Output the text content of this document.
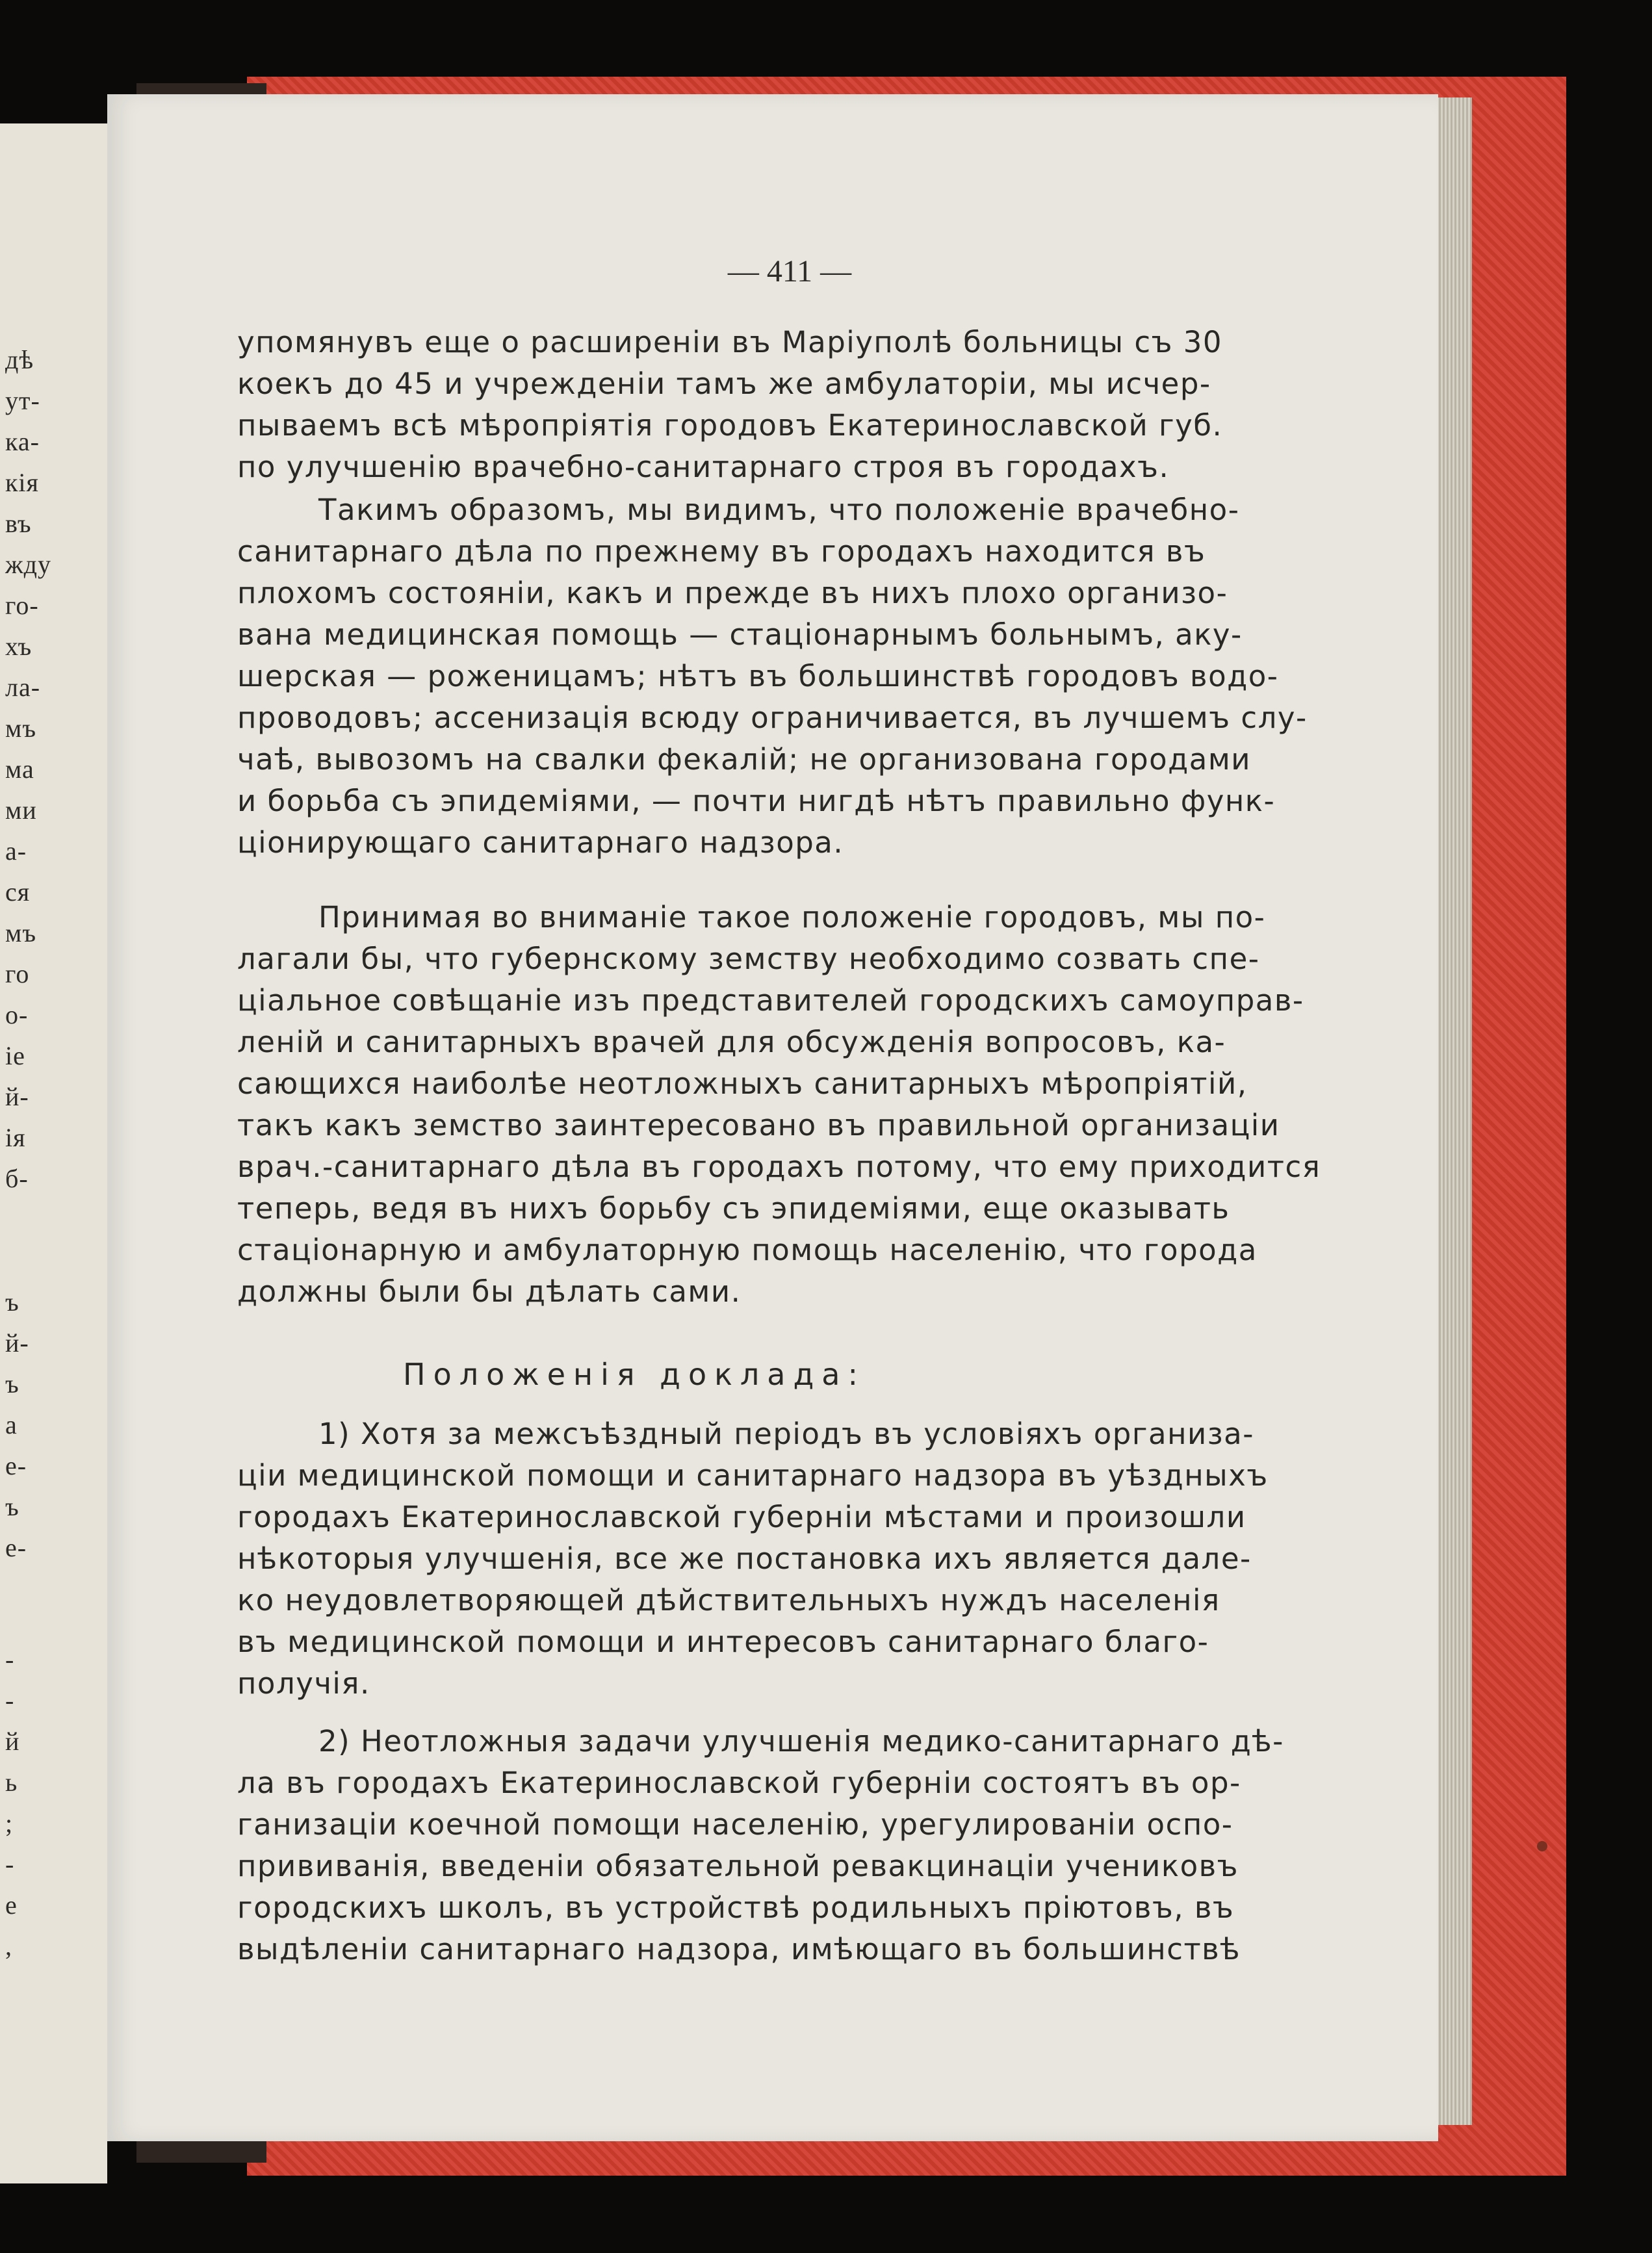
дѣ
ут-
ка-
кія
въ
жду
го-
хъ
ла-
мъ
ма
ми
а-
ся
мъ
го
о-
іе
й-
ія
б-
ъ
й-
ъ
а
е-
ъ
е-
-
-
й
ь
;
-
е
,
— 411 —
упомянувъ еще о расширеніи въ Маріуполѣ больницы съ 30
коекъ до 45 и учрежденіи тамъ же амбулаторіи, мы исчер-
пываемъ всѣ мѣропріятія городовъ Екатеринославской губ.
по улучшенію врачебно-санитарнаго строя въ городахъ.
Такимъ образомъ, мы видимъ, что положеніе врачебно-
санитарнаго дѣла по прежнему въ городахъ находится въ
плохомъ состояніи, какъ и прежде въ нихъ плохо организо-
вана медицинская помощь — стаціонарнымъ больнымъ, аку-
шерская — роженицамъ; нѣтъ въ большинствѣ городовъ водо-
проводовъ; ассенизація всюду ограничивается, въ лучшемъ слу-
чаѣ, вывозомъ на свалки фекалій; не организована городами
и борьба съ эпидеміями, — почти нигдѣ нѣтъ правильно функ-
ціонирующаго санитарнаго надзора.
Принимая во вниманіе такое положеніе городовъ, мы по-
лагали бы, что губернскому земству необходимо созвать спе-
ціальное совѣщаніе изъ представителей городскихъ самоуправ-
леній и санитарныхъ врачей для обсужденія вопросовъ, ка-
сающихся наиболѣе неотложныхъ санитарныхъ мѣропріятій,
такъ какъ земство заинтересовано въ правильной организаціи
врач.-санитарнаго дѣла въ городахъ потому, что ему приходится
теперь, ведя въ нихъ борьбу съ эпидеміями, еще оказывать
стаціонарную и амбулаторную помощь населенію, что города
должны были бы дѣлать сами.
Положенія доклада:
1) Хотя за межсъѣздный періодъ въ условіяхъ организа-
ціи медицинской помощи и санитарнаго надзора въ уѣздныхъ
городахъ Екатеринославской губерніи мѣстами и произошли
нѣкоторыя улучшенія, все же постановка ихъ является дале-
ко неудовлетворяющей дѣйствительныхъ нуждъ населенія
въ медицинской помощи и интересовъ санитарнаго благо-
получія.
2) Неотложныя задачи улучшенія медико-санитарнаго дѣ-
ла въ городахъ Екатеринославской губерніи состоятъ въ ор-
ганизаціи коечной помощи населенію, урегулированіи оспо-
прививанія, введеніи обязательной ревакцинаціи учениковъ
городскихъ школъ, въ устройствѣ родильныхъ пріютовъ, въ
выдѣленіи санитарнаго надзора, имѣющаго въ большинствѣ
